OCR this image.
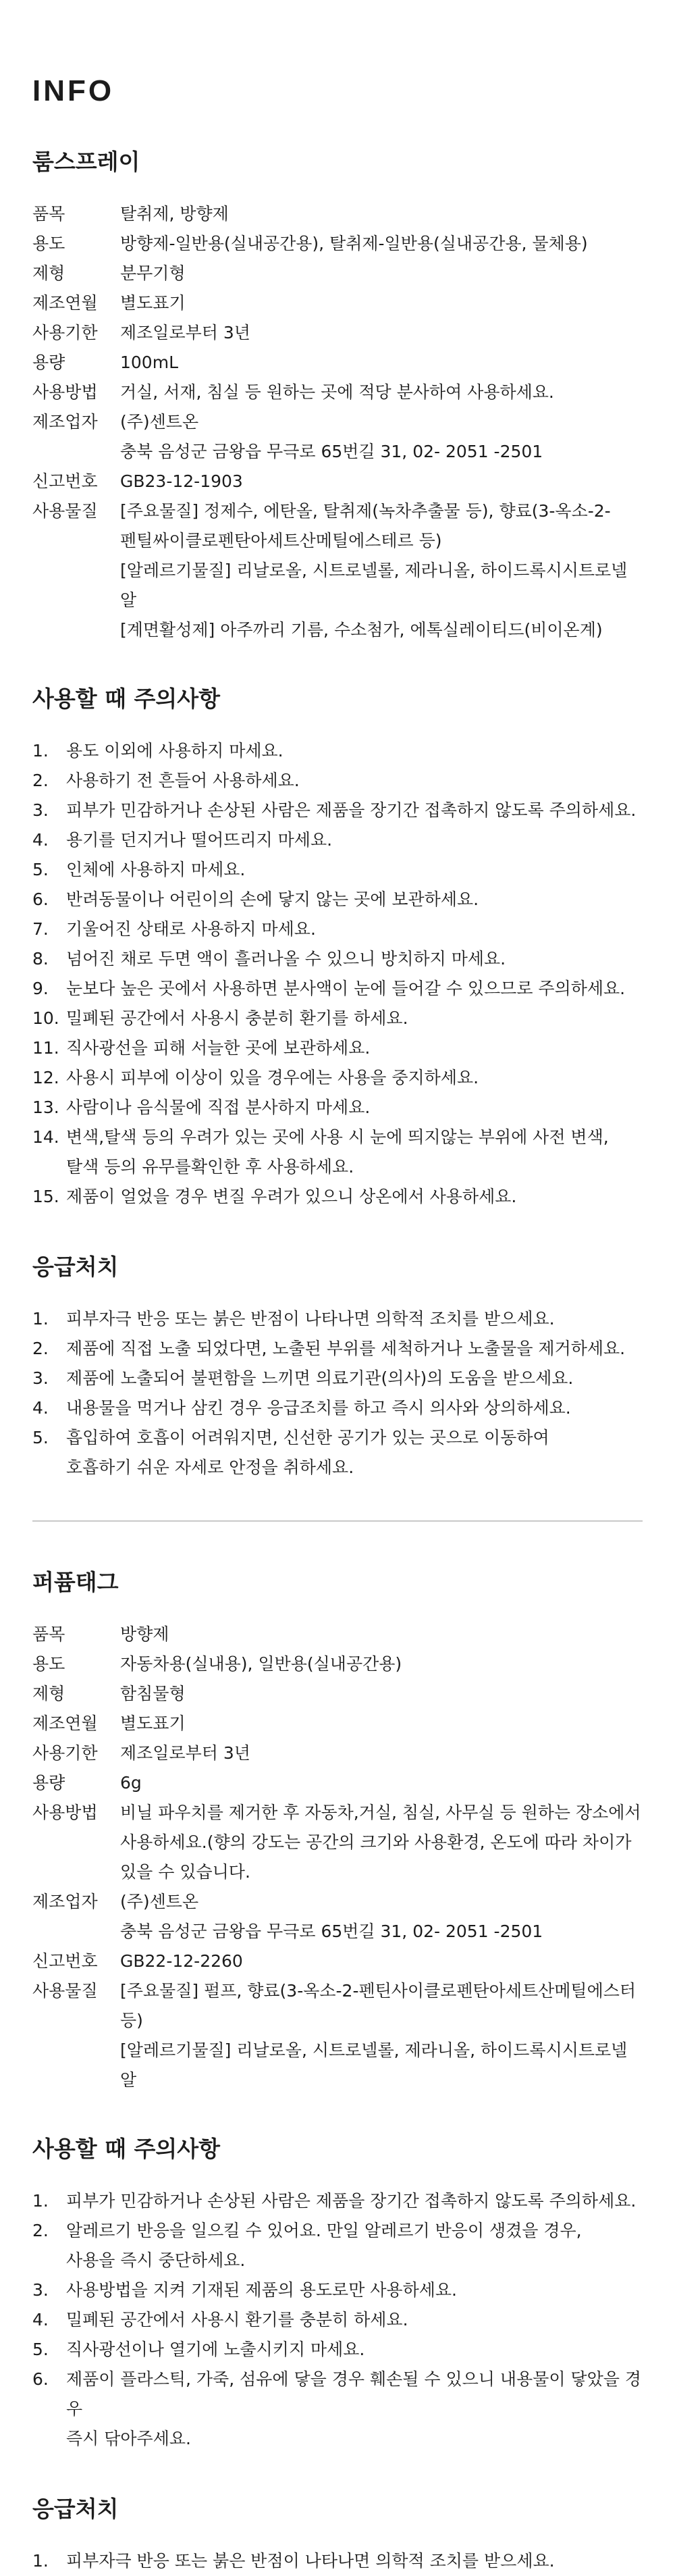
INFO
룸스프레이
품목	탈취제, 방향제
용도	방향제-일반용(실내공간용), 탈취제-일반용(실내공간용, 물체용)
제형	분무기형
제조연월	별도표기
사용기한	제조일로부터 3년
용량	100mL
사용방법	거실, 서재, 침실 등 원하는 곳에 적당 분사하여 사용하세요.
제조업자	(주)센트온
충북 음성군 금왕읍 무극로 65번길 31, 02- 2051 -2501
신고번호	GB23-12-1903
사용물질	[주요물질] 정제수, 에탄올, 탈취제(녹차추출물 등), 향료(3-옥소-2-
펜틸싸이클로펜탄아세트산메틸에스테르 등)
[알레르기물질] 리날로올, 시트로넬롤, 제라니올, 하이드록시시트로넬알
[계면활성제] 아주까리 기름, 수소첨가, 에톡실레이티드(비이온계)
사용할 때 주의사항
1.	용도 이외에 사용하지 마세요.
2.	사용하기 전 흔들어 사용하세요.
3.	피부가 민감하거나 손상된 사람은 제품을 장기간 접촉하지 않도록 주의하세요.
4.	용기를 던지거나 떨어뜨리지 마세요.
5.	인체에 사용하지 마세요.
6.	반려동물이나 어린이의 손에 닿지 않는 곳에 보관하세요.
7.	기울어진 상태로 사용하지 마세요.
8.	넘어진 채로 두면 액이 흘러나올 수 있으니 방치하지 마세요.
9.	눈보다 높은 곳에서 사용하면 분사액이 눈에 들어갈 수 있으므로 주의하세요.
10. 밀폐된 공간에서 사용시 충분히 환기를 하세요.
11. 직사광선을 피해 서늘한 곳에 보관하세요.
12. 사용시 피부에 이상이 있을 경우에는 사용을 중지하세요.
13. 사람이나 음식물에 직접 분사하지 마세요.
14. 변색,탈색 등의 우려가 있는 곳에 사용 시 눈에 띄지않는 부위에 사전 변색,
탈색 등의 유무를확인한 후 사용하세요.
15. 제품이 얼었을 경우 변질 우려가 있으니 상온에서 사용하세요.
응급처치
1.	피부자극 반응 또는 붉은 반점이 나타나면 의학적 조치를 받으세요.
2.	제품에 직접 노출 되었다면, 노출된 부위를 세척하거나 노출물을 제거하세요.
3.	제품에 노출되어 불편함을 느끼면 의료기관(의사)의 도움을 받으세요.
4.	내용물을 먹거나 삼킨 경우 응급조치를 하고 즉시 의사와 상의하세요.
5.	흡입하여 호흡이 어려워지면, 신선한 공기가 있는 곳으로 이동하여
호흡하기 쉬운 자세로 안정을 취하세요.
퍼퓸태그
품목	방향제
용도	자동차용(실내용), 일반용(실내공간용)
제형	함침물형
제조연월	별도표기
사용기한	제조일로부터 3년
용량	6g
사용방법	비닐 파우치를 제거한 후 자동차,거실, 침실, 사무실 등 원하는 장소에서
사용하세요.(향의 강도는 공간의 크기와 사용환경, 온도에 따라 차이가
있을 수 있습니다.
제조업자	(주)센트온
충북 음성군 금왕읍 무극로 65번길 31, 02- 2051 -2501
신고번호	GB22-12-2260
사용물질	[주요물질] 펄프, 향료(3-옥소-2-펜틴사이클로펜탄아세트산메틸에스터 등)
[알레르기물질] 리날로올, 시트로넬롤, 제라니올, 하이드록시시트로넬알
사용할 때 주의사항
1.	피부가 민감하거나 손상된 사람은 제품을 장기간 접촉하지 않도록 주의하세요.
2.	알레르기 반응을 일으킬 수 있어요. 만일 알레르기 반응이 생겼을 경우,
사용을 즉시 중단하세요.
3.	사용방법을 지켜 기재된 제품의 용도로만 사용하세요.
4.	밀폐된 공간에서 사용시 환기를 충분히 하세요.
5.	직사광선이나 열기에 노출시키지 마세요.
6.	제품이 플라스틱, 가죽, 섬유에 닿을 경우 훼손될 수 있으니 내용물이 닿았을 경우
즉시 닦아주세요.
응급처치
1.	피부자극 반응 또는 붉은 반점이 나타나면 의학적 조치를 받으세요.
